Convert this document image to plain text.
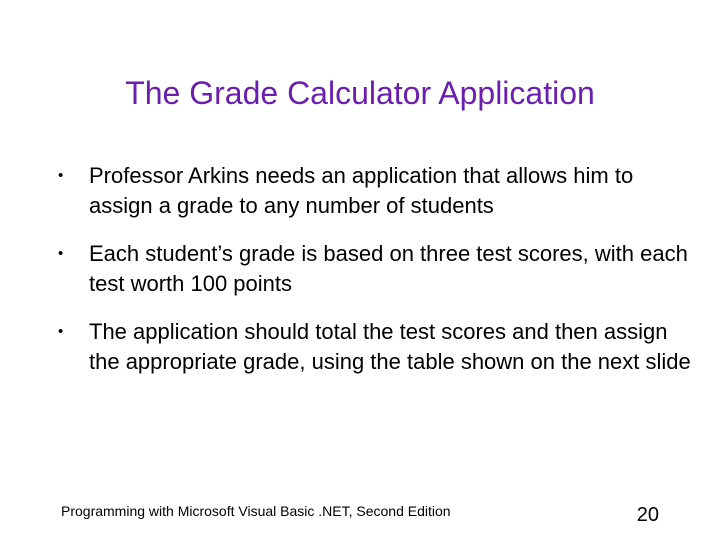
The Grade Calculator Application
•	Professor Arkins needs an application that allows him to assign a grade to any number of students
•	Each student’s grade is based on three test scores, with each test worth 100 points
•	The application should total the test scores and then assign the appropriate grade, using the table shown on the next slide
Programming with Microsoft Visual Basic .NET, Second Edition	20
